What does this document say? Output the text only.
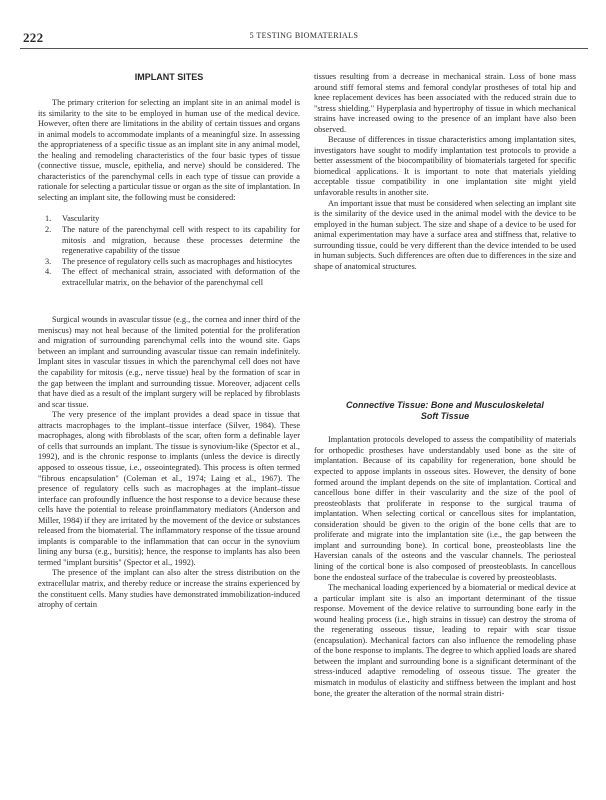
222	5 TESTING BIOMATERIALS
IMPLANT SITES

The primary criterion for selecting an implant site in an animal model is its similarity to the site to be employed in human use of the medical device. However, often there are limitations in the ability of certain tissues and organs in animal models to accommodate implants of a meaningful size. In assessing the appropriateness of a specific tissue as an implant site in any animal model, the healing and remodeling characteristics of the four basic types of tissue (connective tissue, muscle, epithelia, and nerve) should be considered. The characteristics of the parenchymal cells in each type of tissue can provide a rationale for selecting a particular tissue or organ as the site of implantation. In selecting an implant site, the following must be considered:

1. Vascularity
2. The nature of the parenchymal cell with respect to its capability for mitosis and migration, because these processes determine the regenerative capability of the tissue
3. The presence of regulatory cells such as macrophages and histiocytes
4. The effect of mechanical strain, associated with deformation of the extracellular matrix, on the behavior of the parenchymal cell

Surgical wounds in avascular tissue (e.g., the cornea and inner third of the meniscus) may not heal because of the limited potential for the proliferation and migration of surrounding parenchymal cells into the wound site. Gaps between an implant and surrounding avascular tissue can remain indefinitely. Implant sites in vascular tissues in which the parenchymal cell does not have the capability for mitosis (e.g., nerve tissue) heal by the formation of scar in the gap between the implant and surrounding tissue. Moreover, adjacent cells that have died as a result of the implant surgery will be replaced by fibroblasts and scar tissue.

The very presence of the implant provides a dead space in tissue that attracts macrophages to the implant–tissue interface (Silver, 1984). These macrophages, along with fibroblasts of the scar, often form a definable layer of cells that surrounds an implant. The tissue is synovium-like (Spector et al., 1992), and is the chronic response to implants (unless the device is directly apposed to osseous tissue, i.e., osseointegrated). This process is often termed "fibrous encapsulation" (Coleman et al., 1974; Laing et al., 1967). The presence of regulatory cells such as macrophages at the implant–tissue interface can profoundly influence the host response to a device because these cells have the potential to release proinflammatory mediators (Anderson and Miller, 1984) if they are irritated by the movement of the device or substances released from the biomaterial. The inflammatory response of the tissue around implants is comparable to the inflammation that can occur in the synovium lining any bursa (e.g., bursitis); hence, the response to implants has also been termed "implant bursitis" (Spector et al., 1992).

The presence of the implant can also alter the stress distribution on the extracellular matrix, and thereby reduce or increase the strains experienced by the constituent cells. Many studies have demonstrated immobilization-induced atrophy of certain

tissues resulting from a decrease in mechanical strain. Loss of bone mass around stiff femoral stems and femoral condylar prostheses of total hip and knee replacement devices has been associated with the reduced strain due to "stress shielding." Hyperplasia and hypertrophy of tissue in which mechanical strains have increased owing to the presence of an implant have also been observed.

Because of differences in tissue characteristics among implantation sites, investigators have sought to modify implantation test protocols to provide a better assessment of the biocompatibility of biomaterials targeted for specific biomedical applications. It is important to note that materials yielding acceptable tissue compatibility in one implantation site might yield unfavorable results in another site.

An important issue that must be considered when selecting an implant site is the similarity of the device used in the animal model with the device to be employed in the human subject. The size and shape of a device to be used for animal experimentation may have a surface area and stiffness that, relative to surrounding tissue, could be very different than the device intended to be used in human subjects. Such differences are often due to differences in the size and shape of anatomical structures.

Connective Tissue: Bone and Musculoskeletal
Soft Tissue

Implantation protocols developed to assess the compatibility of materials for orthopedic prostheses have understandably used bone as the site of implantation. Because of its capability for regeneration, bone should be expected to appose implants in osseous sites. However, the density of bone formed around the implant depends on the site of implantation. Cortical and cancellous bone differ in their vascularity and the size of the pool of preosteoblasts that proliferate in response to the surgical trauma of implantation. When selecting cortical or cancellous sites for implantation, consideration should be given to the origin of the bone cells that are to proliferate and migrate into the implantation site (i.e., the gap between the implant and surrounding bone). In cortical bone, preosteoblasts line the Haversian canals of the osteons and the vascular channels. The periosteal lining of the cortical bone is also composed of preosteoblasts. In cancellous bone the endosteal surface of the trabeculae is covered by preosteoblasts.

The mechanical loading experienced by a biomaterial or medical device at a particular implant site is also an important determinant of the tissue response. Movement of the device relative to surrounding bone early in the wound healing process (i.e., high strains in tissue) can destroy the stroma of the regenerating osseous tissue, leading to repair with scar tissue (encapsulation). Mechanical factors can also influence the remodeling phase of the bone response to implants. The degree to which applied loads are shared between the implant and surrounding bone is a significant determinant of the stress-induced adaptive remodeling of osseous tissue. The greater the mismatch in modulus of elasticity and stiffness between the implant and host bone, the greater the alteration of the normal strain distri-
